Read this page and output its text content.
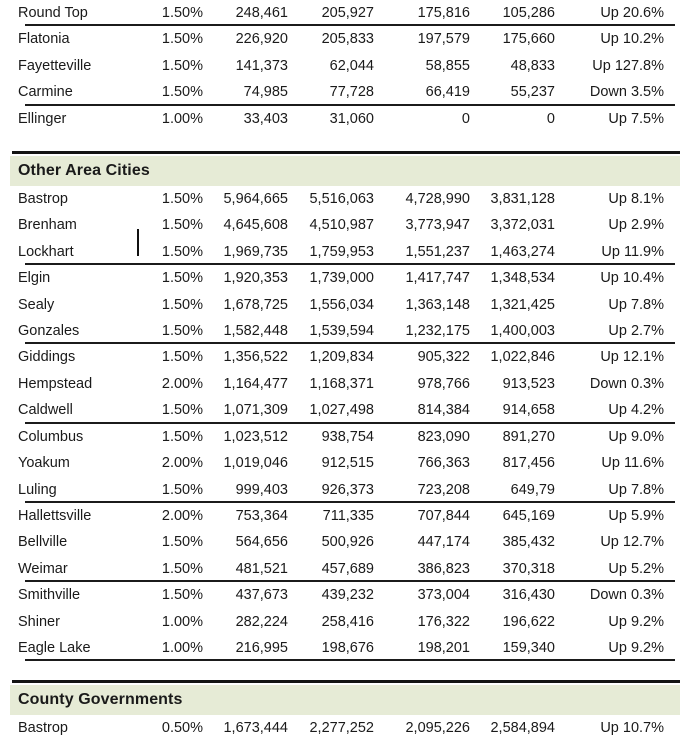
Round Top	1.50%	248,461	205,927	175,816	105,286	Up 20.6%
Flatonia	1.50%	226,920	205,833	197,579	175,660	Up 10.2%
Fayetteville	1.50%	141,373	62,044	58,855	48,833	Up 127.8%
Carmine	1.50%	74,985	77,728	66,419	55,237	Down 3.5%
Ellinger	1.00%	33,403	31,060	0	0	Up 7.5%

Other Area Cities						
Bastrop	1.50%	5,964,665	5,516,063	4,728,990	3,831,128	Up 8.1%
Brenham	1.50%	4,645,608	4,510,987	3,773,947	3,372,031	Up 2.9%
Lockhart	1.50%	1,969,735	1,759,953	1,551,237	1,463,274	Up 11.9%
Elgin	1.50%	1,920,353	1,739,000	1,417,747	1,348,534	Up 10.4%
Sealy	1.50%	1,678,725	1,556,034	1,363,148	1,321,425	Up 7.8%
Gonzales	1.50%	1,582,448	1,539,594	1,232,175	1,400,003	Up 2.7%
Giddings	1.50%	1,356,522	1,209,834	905,322	1,022,846	Up 12.1%
Hempstead	2.00%	1,164,477	1,168,371	978,766	913,523	Down 0.3%
Caldwell	1.50%	1,071,309	1,027,498	814,384	914,658	Up 4.2%
Columbus	1.50%	1,023,512	938,754	823,090	891,270	Up 9.0%
Yoakum	2.00%	1,019,046	912,515	766,363	817,456	Up 11.6%
Luling	1.50%	999,403	926,373	723,208	649,79	Up 7.8%
Hallettsville	2.00%	753,364	711,335	707,844	645,169	Up 5.9%
Bellville	1.50%	564,656	500,926	447,174	385,432	Up 12.7%
Weimar	1.50%	481,521	457,689	386,823	370,318	Up 5.2%
Smithville	1.50%	437,673	439,232	373,004	316,430	Down 0.3%
Shiner	1.00%	282,224	258,416	176,322	196,622	Up 9.2%
Eagle Lake	1.00%	216,995	198,676	198,201	159,340	Up 9.2%

County Governments						
Bastrop	0.50%	1,673,444	2,277,252	2,095,226	2,584,894	Up 10.7%
